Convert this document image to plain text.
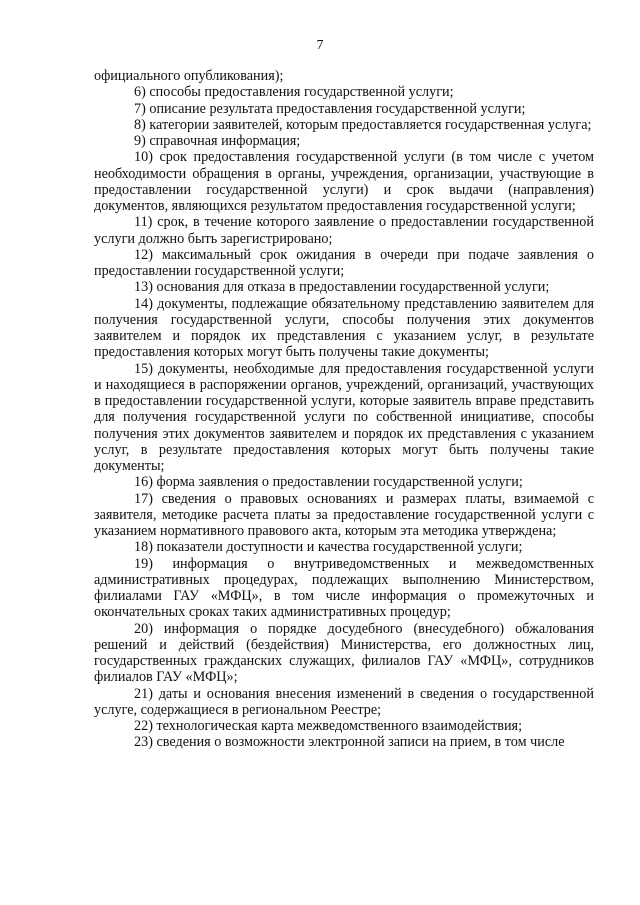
7

официального опубликования);

6) способы предоставления государственной услуги;

7) описание результата предоставления государственной услуги;

8) категории заявителей, которым предоставляется государственная услуга;

9) справочная информация;

10) срок предоставления государственной услуги (в том числе с учетом необходимости обращения в органы, учреждения, организации, участвующие в предоставлении государственной услуги) и срок выдачи (направления) документов, являющихся результатом предоставления государственной услуги;

11) срок, в течение которого заявление о предоставлении государственной услуги должно быть зарегистрировано;

12) максимальный срок ожидания в очереди при подаче заявления о предоставлении государственной услуги;

13) основания для отказа в предоставлении государственной услуги;

14) документы, подлежащие обязательному представлению заявителем для получения государственной услуги, способы получения этих документов заявителем и порядок их представления с указанием услуг, в результате предоставления которых могут быть получены такие документы;

15) документы, необходимые для предоставления государственной услуги и находящиеся в распоряжении органов, учреждений, организаций, участвующих в предоставлении государственной услуги, которые заявитель вправе представить для получения государственной услуги по собственной инициативе, способы получения этих документов заявителем и порядок их представления с указанием услуг, в результате предоставления которых могут быть получены такие документы;

16) форма заявления о предоставлении государственной услуги;

17) сведения о правовых основаниях и размерах платы, взимаемой с заявителя, методике расчета платы за предоставление государственной услуги с указанием нормативного правового акта, которым эта методика утверждена;

18) показатели доступности и качества государственной услуги;

19) информация о внутриведомственных и межведомственных административных процедурах, подлежащих выполнению Министерством, филиалами ГАУ «МФЦ», в том числе информация о промежуточных и окончательных сроках таких административных процедур;

20) информация о порядке досудебного (внесудебного) обжалования решений и действий (бездействия) Министерства, его должностных лиц, государственных гражданских служащих, филиалов ГАУ «МФЦ», сотрудников филиалов ГАУ «МФЦ»;

21) даты и основания внесения изменений в сведения о государственной услуге, содержащиеся в региональном Реестре;

22) технологическая карта межведомственного взаимодействия;

23) сведения о возможности электронной записи на прием, в том числе
